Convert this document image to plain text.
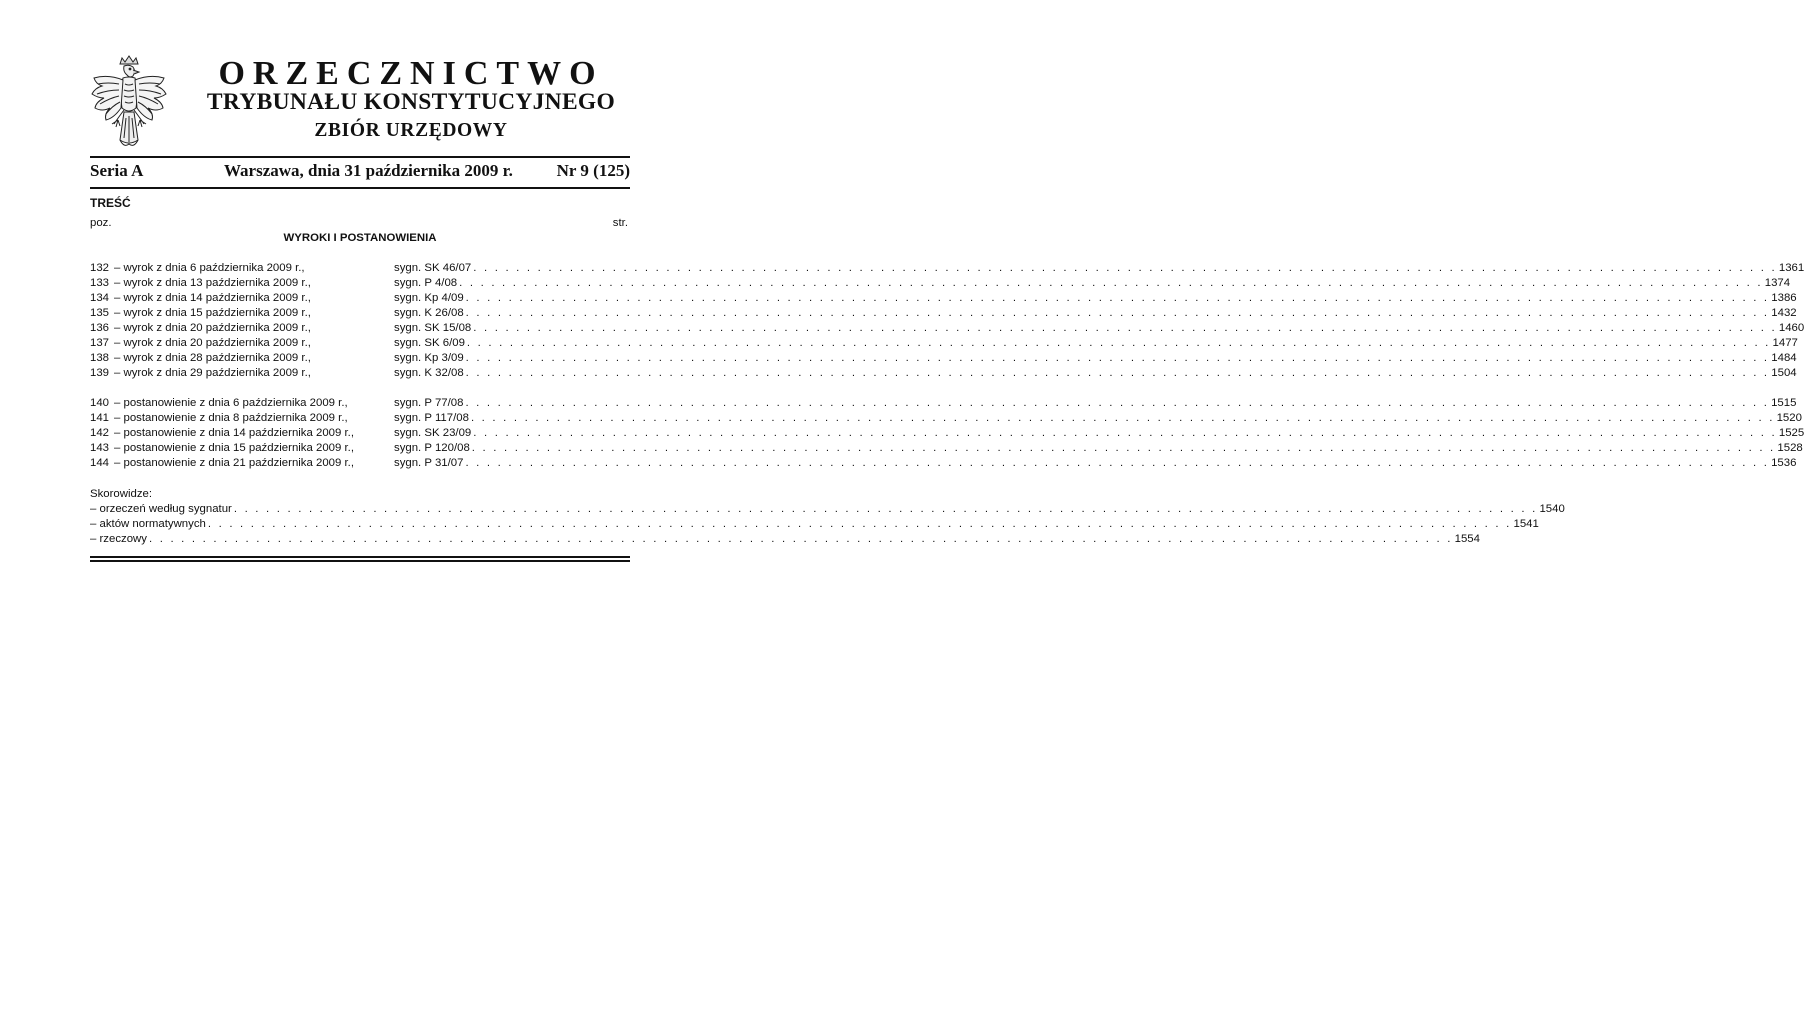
ORZECZNICTWO
TRYBUNAŁU KONSTYTUCYJNEGO
ZBIÓR URZĘDOWY
Seria A	Warszawa, dnia 31 października 2009 r.	Nr 9 (125)
TREŚĆ
poz.	str.
WYROKI I POSTANOWIENIA
132 – wyrok z dnia 6 października 2009 r.,	sygn. SK 46/07 . . . . . . . . . . . . . . . . . . . . . . . . . . . . . . . . . . . . . . . . . . . . . . . . . . . . . . . . . . . . . . . . . . . . . . . . . . . . . . . . . . . . . . . . . . . . . . . . . . . . . . . . . . . . . . . . . . . . . . . . . . 1361
133 – wyrok z dnia 13 października 2009 r.,	sygn. P 4/08 . . . . . . . . . . . . . . . . . . . . . . . . . . . . . . . . . . . . . . . . . . . . . . . . . . . . . . . . . . . . . . . . . . . . . . . . . . . . . . . . . . . . . . . . . . . . . . . . . . . . . . . . . . . . . . . . . . . . . . . . . . 1374
134 – wyrok z dnia 14 października 2009 r.,	sygn. Kp 4/09 . . . . . . . . . . . . . . . . . . . . . . . . . . . . . . . . . . . . . . . . . . . . . . . . . . . . . . . . . . . . . . . . . . . . . . . . . . . . . . . . . . . . . . . . . . . . . . . . . . . . . . . . . . . . . . . . . . . . . . . . . . 1386
135 – wyrok z dnia 15 października 2009 r.,	sygn. K 26/08 . . . . . . . . . . . . . . . . . . . . . . . . . . . . . . . . . . . . . . . . . . . . . . . . . . . . . . . . . . . . . . . . . . . . . . . . . . . . . . . . . . . . . . . . . . . . . . . . . . . . . . . . . . . . . . . . . . . . . . . . . . 1432
136 – wyrok z dnia 20 października 2009 r.,	sygn. SK 15/08 . . . . . . . . . . . . . . . . . . . . . . . . . . . . . . . . . . . . . . . . . . . . . . . . . . . . . . . . . . . . . . . . . . . . . . . . . . . . . . . . . . . . . . . . . . . . . . . . . . . . . . . . . . . . . . . . . . . . . . . . . . 1460
137 – wyrok z dnia 20 października 2009 r.,	sygn. SK 6/09 . . . . . . . . . . . . . . . . . . . . . . . . . . . . . . . . . . . . . . . . . . . . . . . . . . . . . . . . . . . . . . . . . . . . . . . . . . . . . . . . . . . . . . . . . . . . . . . . . . . . . . . . . . . . . . . . . . . . . . . . . . 1477
138 – wyrok z dnia 28 października 2009 r.,	sygn. Kp 3/09 . . . . . . . . . . . . . . . . . . . . . . . . . . . . . . . . . . . . . . . . . . . . . . . . . . . . . . . . . . . . . . . . . . . . . . . . . . . . . . . . . . . . . . . . . . . . . . . . . . . . . . . . . . . . . . . . . . . . . . . . . . 1484
139 – wyrok z dnia 29 października 2009 r.,	sygn. K 32/08 . . . . . . . . . . . . . . . . . . . . . . . . . . . . . . . . . . . . . . . . . . . . . . . . . . . . . . . . . . . . . . . . . . . . . . . . . . . . . . . . . . . . . . . . . . . . . . . . . . . . . . . . . . . . . . . . . . . . . . . . . . 1504
140 – postanowienie z dnia 6 października 2009 r.,	sygn. P 77/08 . . . . . . . . . . . . . . . . . . . . . . . . . . . . . . . . . . . . . . . . . . . . . . . . . . . . . . . . . . . . . . . . . . . . . . . . . . . . . . . . . . . . . . . . . . . . . . . . . . . . . . . . . . . . . . . . . . . . . . . . . . 1515
141 – postanowienie z dnia 8 października 2009 r.,	sygn. P 117/08 . . . . . . . . . . . . . . . . . . . . . . . . . . . . . . . . . . . . . . . . . . . . . . . . . . . . . . . . . . . . . . . . . . . . . . . . . . . . . . . . . . . . . . . . . . . . . . . . . . . . . . . . . . . . . . . . . . . . . . . . . . 1520
142 – postanowienie z dnia 14 października 2009 r.,	sygn. SK 23/09 . . . . . . . . . . . . . . . . . . . . . . . . . . . . . . . . . . . . . . . . . . . . . . . . . . . . . . . . . . . . . . . . . . . . . . . . . . . . . . . . . . . . . . . . . . . . . . . . . . . . . . . . . . . . . . . . . . . . . . . . . . 1525
143 – postanowienie z dnia 15 października 2009 r.,	sygn. P 120/08 . . . . . . . . . . . . . . . . . . . . . . . . . . . . . . . . . . . . . . . . . . . . . . . . . . . . . . . . . . . . . . . . . . . . . . . . . . . . . . . . . . . . . . . . . . . . . . . . . . . . . . . . . . . . . . . . . . . . . . . . . . 1528
144 – postanowienie z dnia 21 października 2009 r.,	sygn. P 31/07 . . . . . . . . . . . . . . . . . . . . . . . . . . . . . . . . . . . . . . . . . . . . . . . . . . . . . . . . . . . . . . . . . . . . . . . . . . . . . . . . . . . . . . . . . . . . . . . . . . . . . . . . . . . . . . . . . . . . . . . . . . 1536
Skorowidze:
– orzeczeń według sygnatur . . . . . . . . . . . . . . . . . . . . . . . . . . . . . . . . . . . . . . . . . . . . . . . . . . . . . . . . . . . . . . . . . . . . . . . . . . . . . . . . . . . . . . . . . . . . . . . . . . . . . . . . . . . . . . . . . . . . . . . . . . 1540
– aktów normatywnych . . . . . . . . . . . . . . . . . . . . . . . . . . . . . . . . . . . . . . . . . . . . . . . . . . . . . . . . . . . . . . . . . . . . . . . . . . . . . . . . . . . . . . . . . . . . . . . . . . . . . . . . . . . . . . . . . . . . . . . . . . 1541
– rzeczowy . . . . . . . . . . . . . . . . . . . . . . . . . . . . . . . . . . . . . . . . . . . . . . . . . . . . . . . . . . . . . . . . . . . . . . . . . . . . . . . . . . . . . . . . . . . . . . . . . . . . . . . . . . . . . . . . . . . . . . . . . . 1554
